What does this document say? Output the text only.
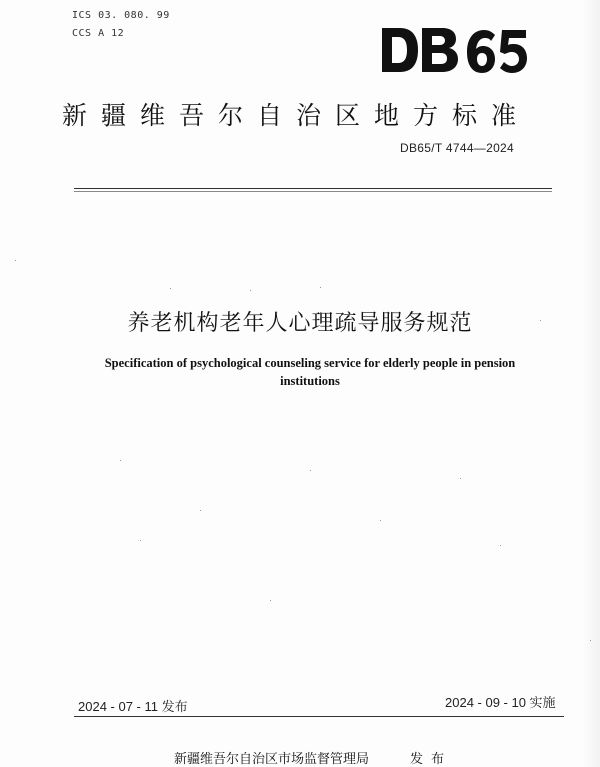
ICS 03. 080. 99
CCS A 12
新疆维吾尔自治区地方标准
DB65/T 4744—2024
养老机构老年人心理疏导服务规范
Specification of psychological counseling service for elderly people in pension
institutions
2024 - 07 - 11 发布	2024 - 09 - 10 实施
新疆维吾尔自治区市场监督管理局	发布
